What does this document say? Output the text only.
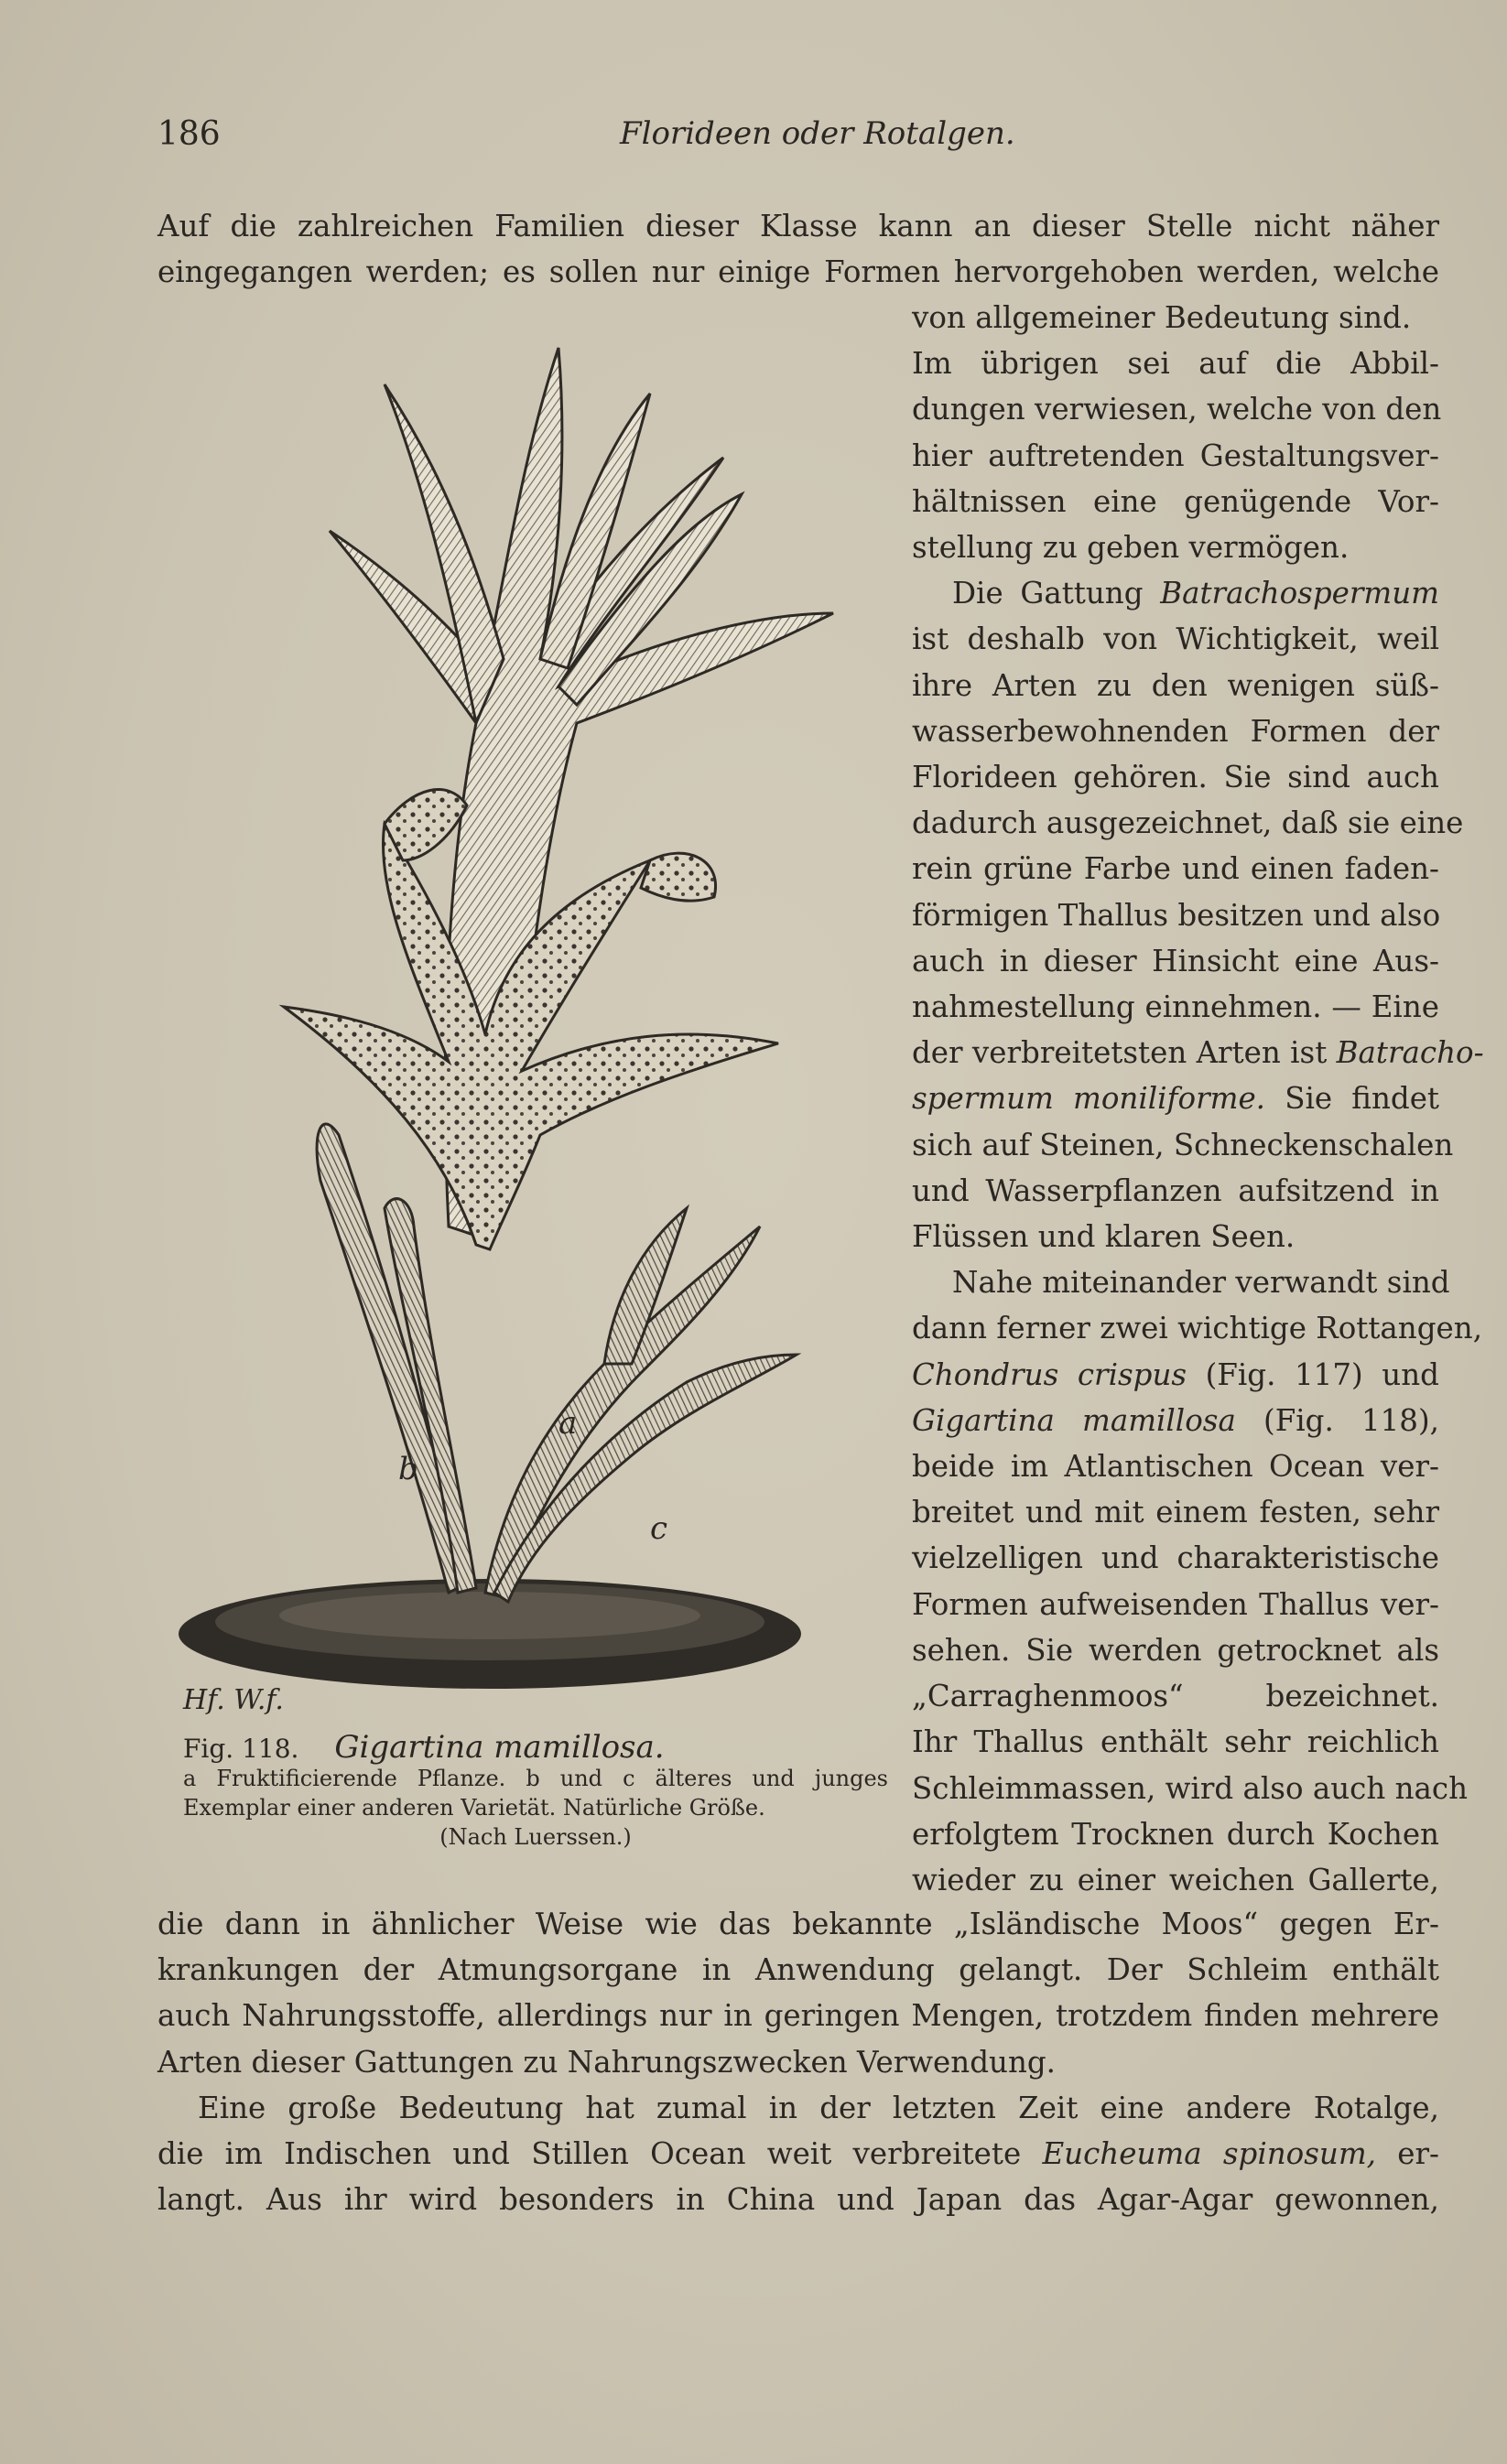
186	Florideen oder Rotalgen.
Auf die zahlreichen Familien dieser Klasse kann an dieser Stelle nicht näher
eingegangen werden; es sollen nur einige Formen hervorgehoben werden, welche
von allgemeiner Bedeutung sind.
Im übrigen sei auf die Abbil-
dungen verwiesen, welche von den
hier auftretenden Gestaltungsver-
hältnissen eine genügende Vor-
stellung zu geben vermögen.
Die Gattung Batrachospermum
ist deshalb von Wichtigkeit, weil
ihre Arten zu den wenigen süß-
wasserbewohnenden Formen der
Florideen gehören. Sie sind auch
dadurch ausgezeichnet, daß sie eine
rein grüne Farbe und einen faden-
förmigen Thallus besitzen und also
auch in dieser Hinsicht eine Aus-
nahmestellung einnehmen. — Eine
der verbreitetsten Arten ist Batracho-
spermum moniliforme. Sie findet
sich auf Steinen, Schneckenschalen
und Wasserpflanzen aufsitzend in
Flüssen und klaren Seen.
Nahe miteinander verwandt sind
dann ferner zwei wichtige Rottangen,
Chondrus crispus (Fig. 117) und
Gigartina mamillosa (Fig. 118),
beide im Atlantischen Ocean ver-
breitet und mit einem festen, sehr
vielzelligen und charakteristische
Formen aufweisenden Thallus ver-
sehen. Sie werden getrocknet als
„Carraghenmoos“ bezeichnet.
Ihr Thallus enthält sehr reichlich
Schleimmassen, wird also auch nach
erfolgtem Trocknen durch Kochen
wieder zu einer weichen Gallerte,
a
b
c
Hf. W.f.
Fig. 118. Gigartina mamillosa.
a Fruktificierende Pflanze. b und c älteres und junges Exemplar einer anderen Varietät. Natürliche Größe.
(Nach Luerssen.)
die dann in ähnlicher Weise wie das bekannte „Isländische Moos“ gegen Er-
krankungen der Atmungsorgane in Anwendung gelangt. Der Schleim enthält
auch Nahrungsstoffe, allerdings nur in geringen Mengen, trotzdem finden mehrere
Arten dieser Gattungen zu Nahrungszwecken Verwendung.
Eine große Bedeutung hat zumal in der letzten Zeit eine andere Rotalge,
die im Indischen und Stillen Ocean weit verbreitete Eucheuma spinosum, er-
langt. Aus ihr wird besonders in China und Japan das Agar-Agar gewonnen,
